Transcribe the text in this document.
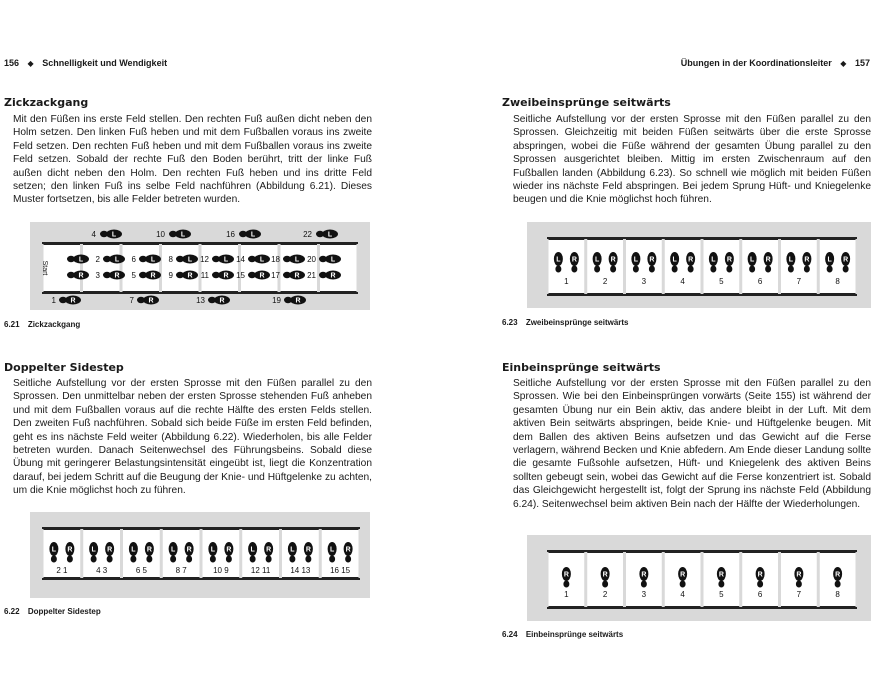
156 ◆ Schnelligkeit und Wendigkeit	Übungen in der Koordinationsleiter ◆ 157
Zickzackgang

Mit den Füßen ins erste Feld stellen. Den rechten Fuß außen dicht neben den Holm setzen. Den linken Fuß heben und mit dem Fußballen voraus ins zweite Feld setzen. Den rechten Fuß heben und mit dem Fußballen voraus ins zweite Feld setzen. Sobald der rechte Fuß den Boden berührt, tritt der linke Fuß außen dicht neben den Holm. Den rechten Fuß heben und ins dritte Feld setzen; den linken Fuß ins selbe Feld nachführen (Abbildung 6.21). Dieses Muster fortsetzen, bis alle Felder betreten wurden.

Start
4 L	10 L	16 L	22 L
1 R	7 R	13 R	19 R
2 L 6 L 8 L 12 L 14 L 18 L 20 L
3 R 5 R 9 R 11 R 15 R 17 R 21 R
L
R
6.21 Zickzackgang
Doppelter Sidestep

Seitliche Aufstellung vor der ersten Sprosse mit den Füßen parallel zu den Sprossen. Den unmittelbar neben der ersten Sprosse stehenden Fuß anheben und mit dem Fußballen voraus auf die rechte Hälfte des ersten Felds stellen. Den zweiten Fuß nachführen. Sobald sich beide Füße im ersten Feld befinden, geht es ins nächste Feld weiter (Abbildung 6.22). Wiederholen, bis alle Felder betreten wurden. Danach Seitenwechsel des Führungsbeins. Sobald diese Übung mit geringerer Belastungsintensität eingeübt ist, liegt die Konzentration darauf, bei jedem Schritt auf die Beugung der Knie- und Hüftgelenke zu achten, um die Knie möglichst hoch zu führen.

L R
2 1
L R
4 3
L R
6 5
L R
8 7
L R
10 9
L R
12 11
L R
14 13
L R
16 15
6.22 Doppelter Sidestep
Zweibeinsprünge seitwärts

Seitliche Aufstellung vor der ersten Sprosse mit den Füßen parallel zu den Sprossen. Gleichzeitig mit beiden Füßen seitwärts über die erste Sprosse abspringen, wobei die Füße während der gesamten Übung parallel zu den Sprossen ausgerichtet bleiben. Mittig im ersten Zwischenraum auf den Fußballen landen (Abbildung 6.23). So schnell wie möglich mit beiden Füßen wieder ins nächste Feld abspringen. Bei jedem Sprung Hüft- und Kniegelenke beugen und die Knie möglichst hoch führen.

L R
1
L R
2
L R
3
L R
4
L R
5
L R
6
L R
7
L R
8
6.23 Zweibeinsprünge seitwärts
Einbeinsprünge seitwärts

Seitliche Aufstellung vor der ersten Sprosse mit den Füßen parallel zu den Sprossen. Wie bei den Einbeinsprüngen vorwärts (Seite 155) ist während der gesamten Übung nur ein Bein aktiv, das andere bleibt in der Luft. Mit dem aktiven Bein seitwärts abspringen, beide Knie- und Hüftgelenke beugen. Mit dem Ballen des aktiven Beins aufsetzen und das Gewicht auf die Ferse verlagern, während Becken und Knie abfedern. Am Ende dieser Landung sollte die gesamte Fußsohle aufsetzen, Hüft- und Kniegelenk des aktiven Beins sollten gebeugt sein, wobei das Gewicht auf die Ferse konzentriert ist. Sobald das Gleichgewicht hergestellt ist, folgt der Sprung ins nächste Feld (Abbildung 6.24). Seitenwechsel beim aktiven Bein nach der Hälfte der Wiederholungen.

R
1
R
2
R
3
R
4
R
5
R
6
R
7
R
8
6.24 Einbeinsprünge seitwärts
